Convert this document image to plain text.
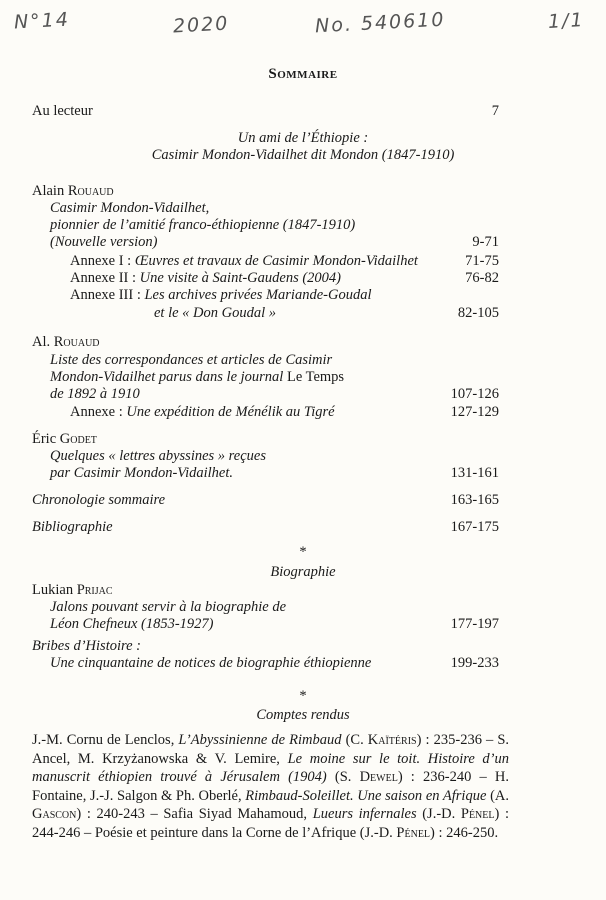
N°14	2020	No. 540610	1/1
Sommaire
Au lecteur	7
Un ami de l’Éthiopie :
Casimir Mondon-Vidailhet dit Mondon (1847-1910)
Alain Rouaud
Casimir Mondon-Vidailhet,
pionnier de l’amitié franco-éthiopienne (1847-1910)
(Nouvelle version)	9-71
Annexe I : Œuvres et travaux de Casimir Mondon-Vidailhet	71-75
Annexe II : Une visite à Saint-Gaudens (2004)	76-82
Annexe III : Les archives privées Mariande-Goudal
et le « Don Goudal »	82-105
Al. Rouaud
Liste des correspondances et articles de Casimir
Mondon-Vidailhet parus dans le journal Le Temps
de 1892 à 1910	107-126
Annexe : Une expédition de Ménélik au Tigré	127-129
Éric Godet
Quelques « lettres abyssines » reçues
par Casimir Mondon-Vidailhet.	131-161
Chronologie sommaire	163-165
Bibliographie	167-175
*
Biographie
Lukian Prijac
Jalons pouvant servir à la biographie de
Léon Chefneux (1853-1927)	177-197
Bribes d’Histoire :
Une cinquantaine de notices de biographie éthiopienne	199-233
*
Comptes rendus
J.-M. Cornu de Lenclos, L’Abyssinienne de Rimbaud (C. Kaïtéris) : 235-236 – S. Ancel, M. Krzyżanowska & V. Lemire, Le moine sur le toit. Histoire d’un manuscrit éthiopien trouvé à Jérusalem (1904) (S. Dewel) : 236-240 – H. Fontaine, J.-J. Salgon & Ph. Oberlé, Rimbaud-Soleillet. Une saison en Afrique (A. Gascon) : 240-243 – Safia Siyad Mahamoud, Lueurs infernales (J.-D. Pénel) : 244-246 – Poésie et peinture dans la Corne de l’Afrique (J.-D. Pénel) : 246-250.
